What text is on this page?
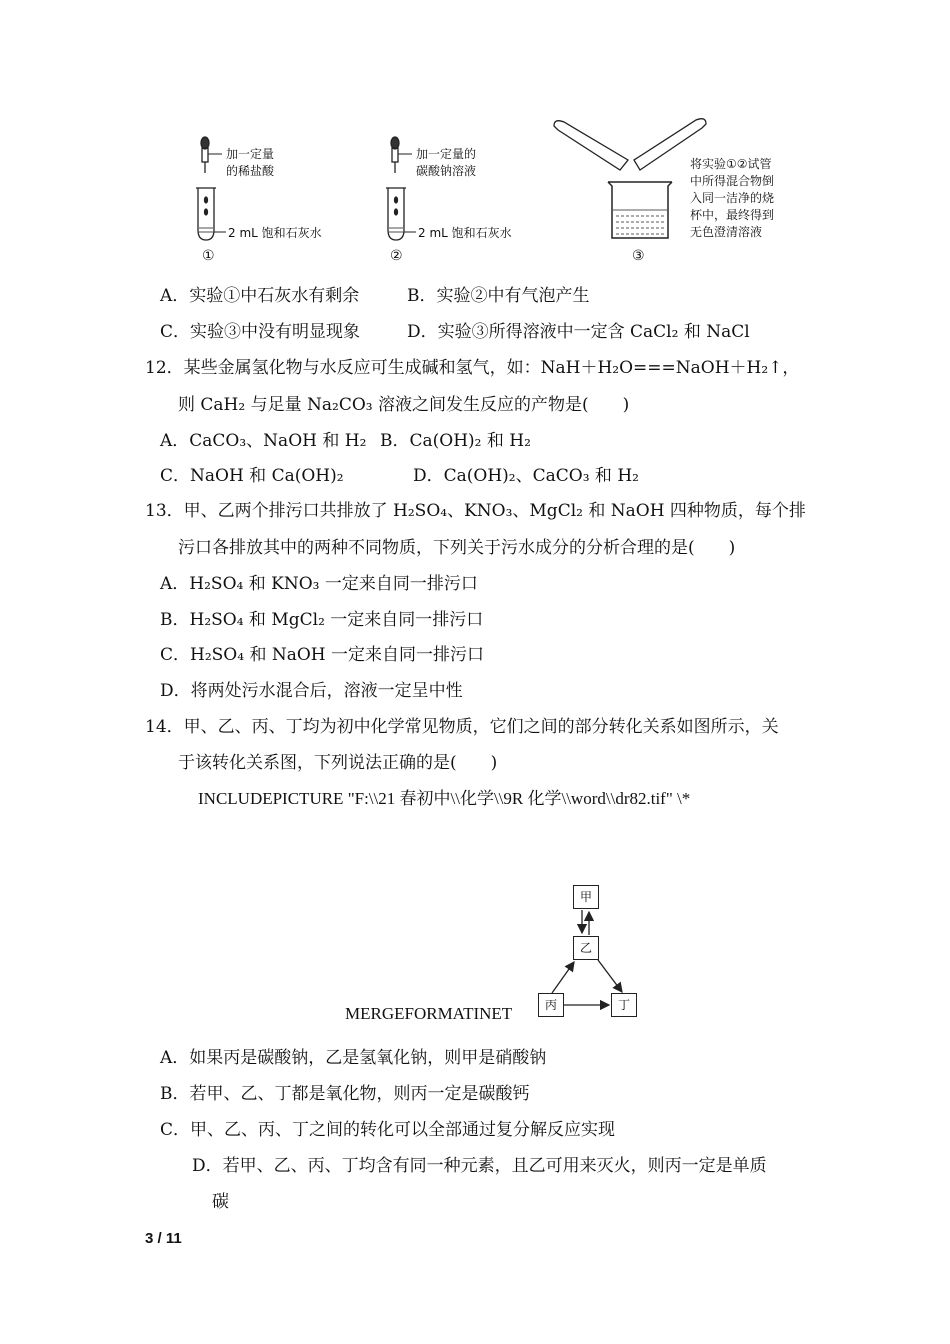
加一定量
的稀盐酸
2 mL 饱和石灰水
①
加一定量的
碳酸钠溶液
2 mL 饱和石灰水
②
将实验①②试管
中所得混合物倒
入同一洁净的烧
杯中，最终得到
无色澄清溶液
③
A．实验①中石灰水有剩余	B．实验②中有气泡产生
C．实验③中没有明显现象	D．实验③所得溶液中一定含 CaCl₂ 和 NaCl
12．某些金属氢化物与水反应可生成碱和氢气，如：NaH＋H₂O===NaOH＋H₂↑，
则 CaH₂ 与足量 Na₂CO₃ 溶液之间发生反应的产物是(　　)
A．CaCO₃、NaOH 和 H₂ B．Ca(OH)₂ 和 H₂
C．NaOH 和 Ca(OH)₂	D．Ca(OH)₂、CaCO₃ 和 H₂
13．甲、乙两个排污口共排放了 H₂SO₄、KNO₃、MgCl₂ 和 NaOH 四种物质，每个排
污口各排放其中的两种不同物质，下列关于污水成分的分析合理的是(　　)
A．H₂SO₄ 和 KNO₃ 一定来自同一排污口
B．H₂SO₄ 和 MgCl₂ 一定来自同一排污口
C．H₂SO₄ 和 NaOH 一定来自同一排污口
D．将两处污水混合后，溶液一定呈中性
14．甲、乙、丙、丁均为初中化学常见物质，它们之间的部分转化关系如图所示，关
于该转化关系图，下列说法正确的是(　　)
INCLUDEPICTURE "F:\\21 春初中\\化学\\9R 化学\\word\\dr82.tif" \*
甲
乙
丙	丁
MERGEFORMATINET
A．如果丙是碳酸钠，乙是氢氧化钠，则甲是硝酸钠
B．若甲、乙、丁都是氧化物，则丙一定是碳酸钙
C．甲、乙、丙、丁之间的转化可以全部通过复分解反应实现
D．若甲、乙、丙、丁均含有同一种元素，且乙可用来灭火，则丙一定是单质
碳
3 / 11
